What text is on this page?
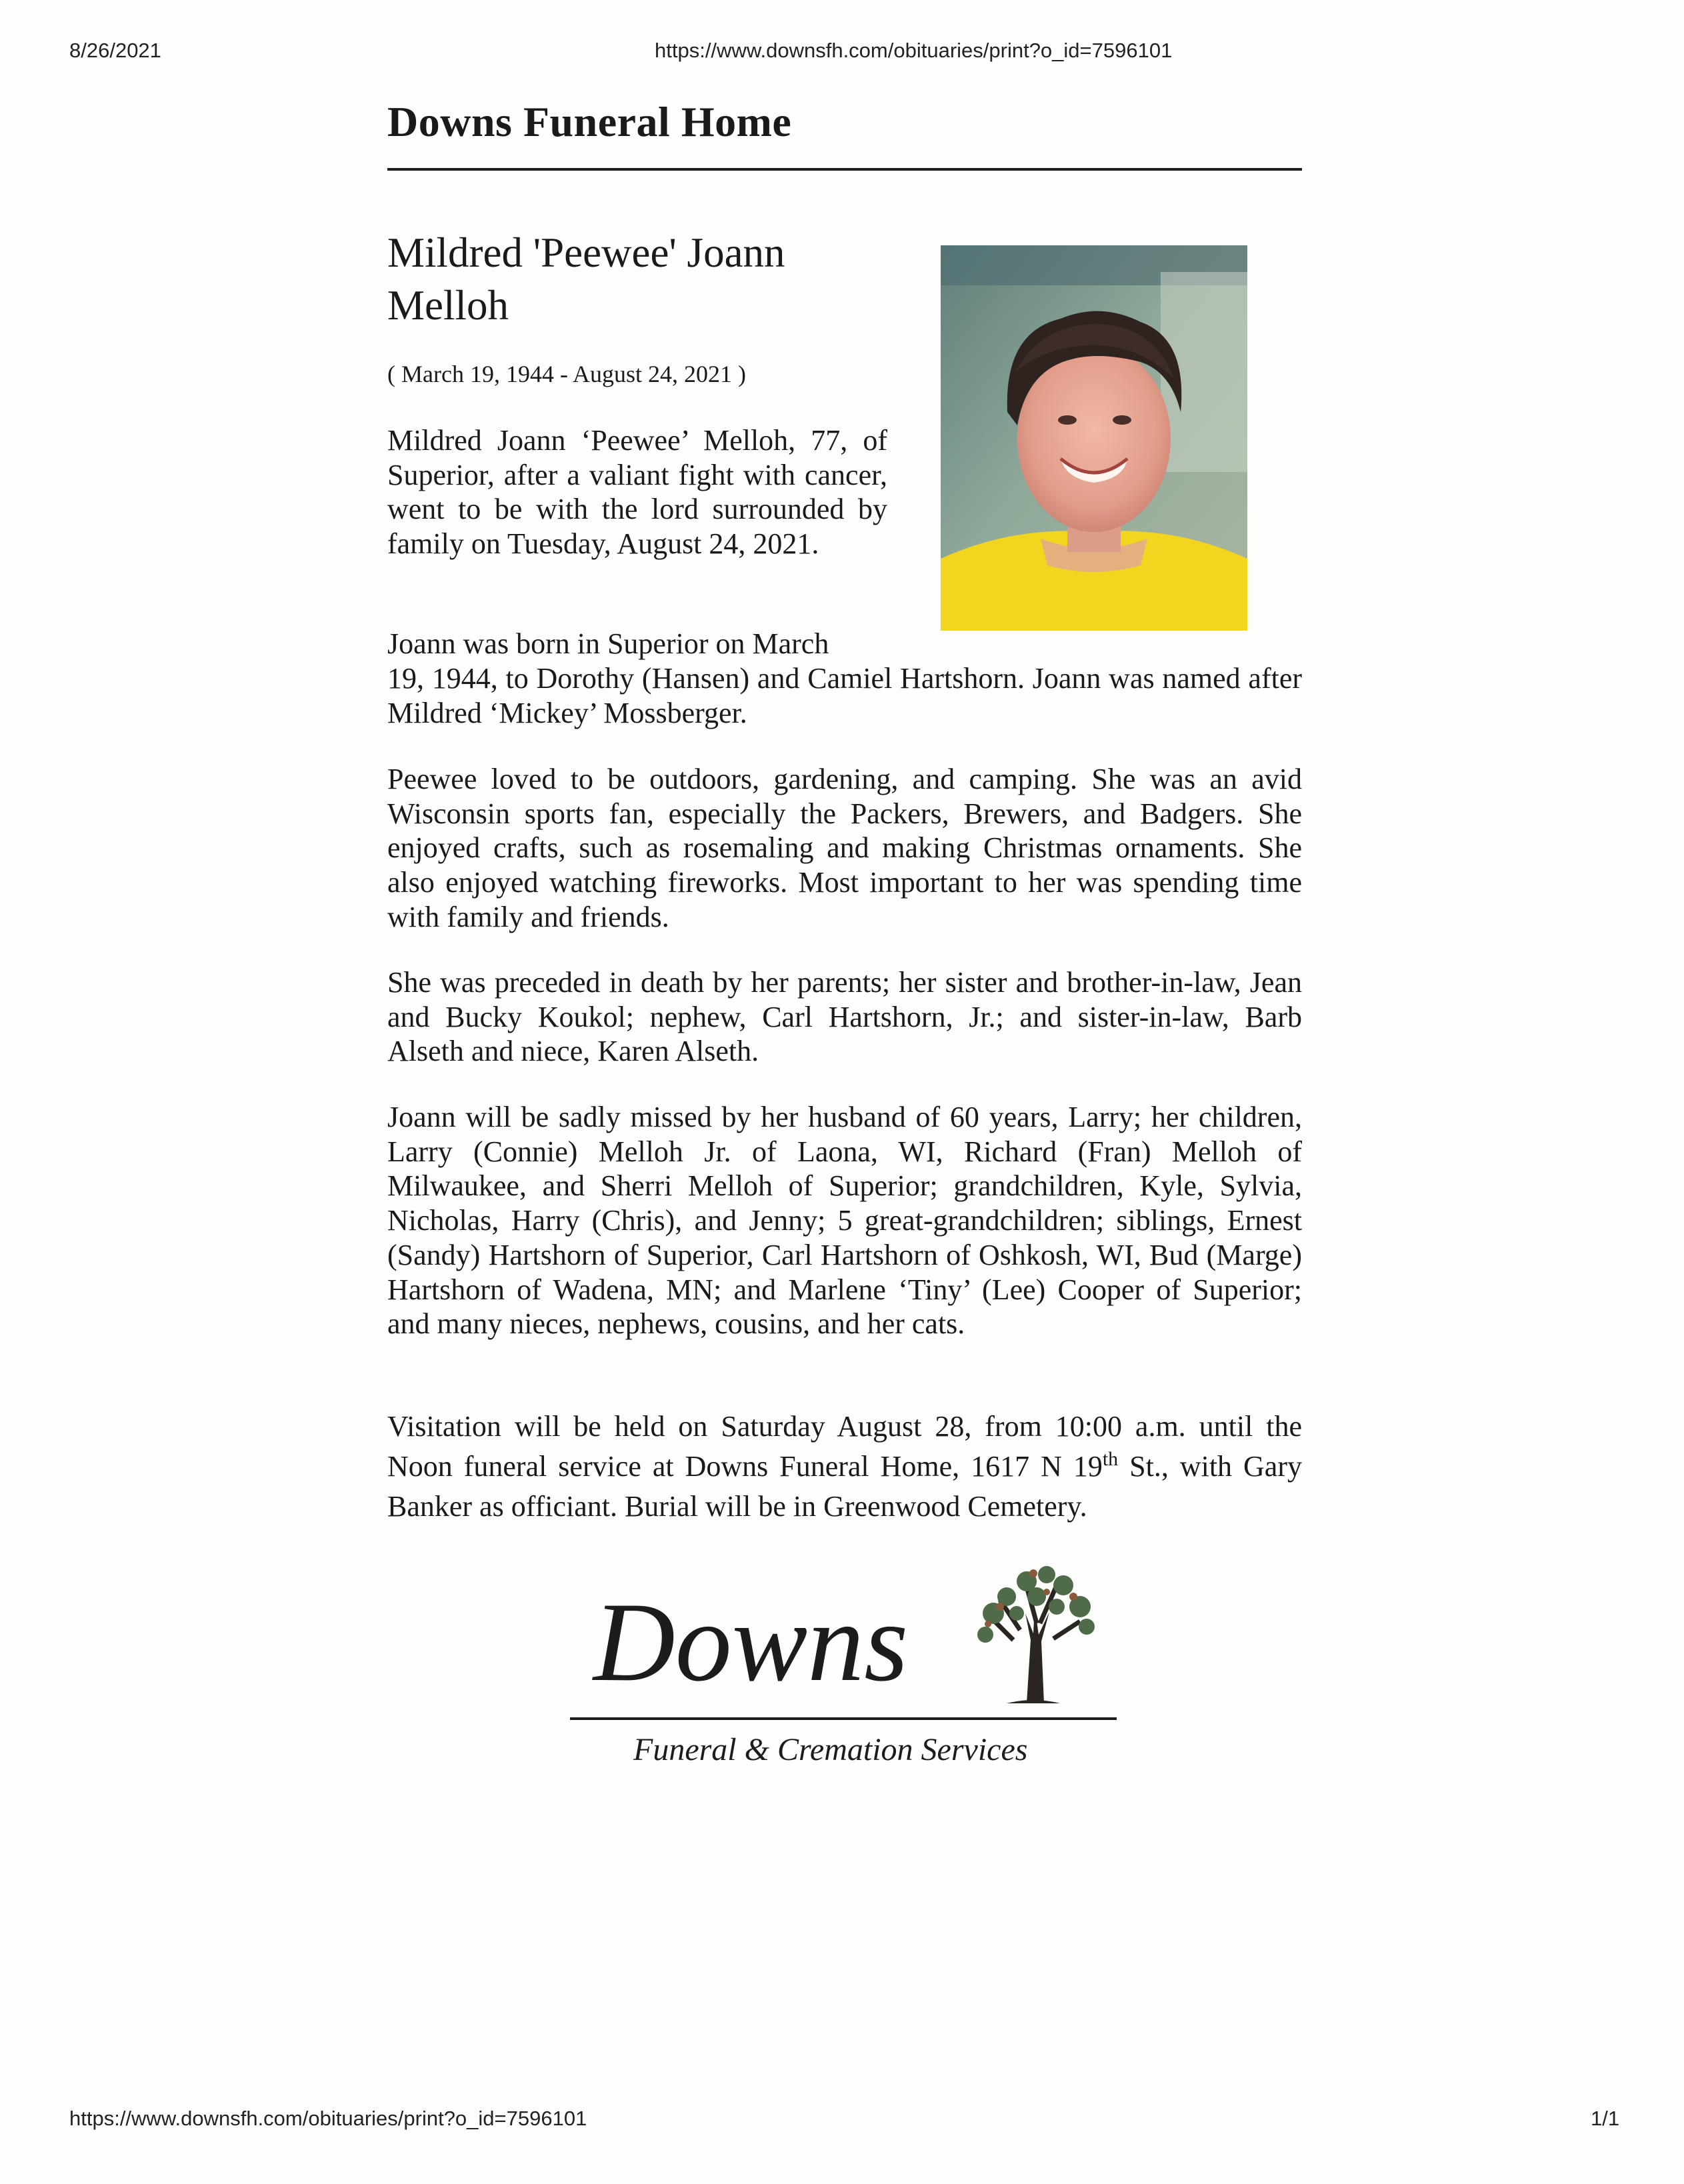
8/26/2021	https://www.downsfh.com/obituaries/print?o_id=7596101
Downs Funeral Home
Mildred 'Peewee' Joann Melloh
( March 19, 1944 - August 24, 2021 )

Mildred Joann ‘Peewee’ Melloh, 77, of Superior, after a valiant fight with cancer, went to be with the lord surrounded by family on Tuesday, August 24, 2021.

Joann was born in Superior on March

19, 1944, to Dorothy (Hansen) and Camiel Hartshorn. Joann was named after Mildred ‘Mickey’ Mossberger.

Peewee loved to be outdoors, gardening, and camping. She was an avid Wisconsin sports fan, especially the Packers, Brewers, and Badgers. She enjoyed crafts, such as rosemaling and making Christmas ornaments. She also enjoyed watching fireworks. Most important to her was spending time with family and friends.

She was preceded in death by her parents; her sister and brother-in-law, Jean and Bucky Koukol; nephew, Carl Hartshorn, Jr.; and sister-in-law, Barb Alseth and niece, Karen Alseth.

Joann will be sadly missed by her husband of 60 years, Larry; her children, Larry (Connie) Melloh Jr. of Laona, WI, Richard (Fran) Melloh of Milwaukee, and Sherri Melloh of Superior; grandchildren, Kyle, Sylvia, Nicholas, Harry (Chris), and Jenny; 5 great-grandchildren; siblings, Ernest (Sandy) Hartshorn of Superior, Carl Hartshorn of Oshkosh, WI, Bud (Marge) Hartshorn of Wadena, MN; and Marlene ‘Tiny’ (Lee) Cooper of Superior; and many nieces, nephews, cousins, and her cats.

Visitation will be held on Saturday August 28, from 10:00 a.m. until the Noon funeral service at Downs Funeral Home, 1617 N 19th St., with Gary Banker as officiant. Burial will be in Greenwood Cemetery.

Downs
Funeral & Cremation Services
https://www.downsfh.com/obituaries/print?o_id=7596101	1/1
